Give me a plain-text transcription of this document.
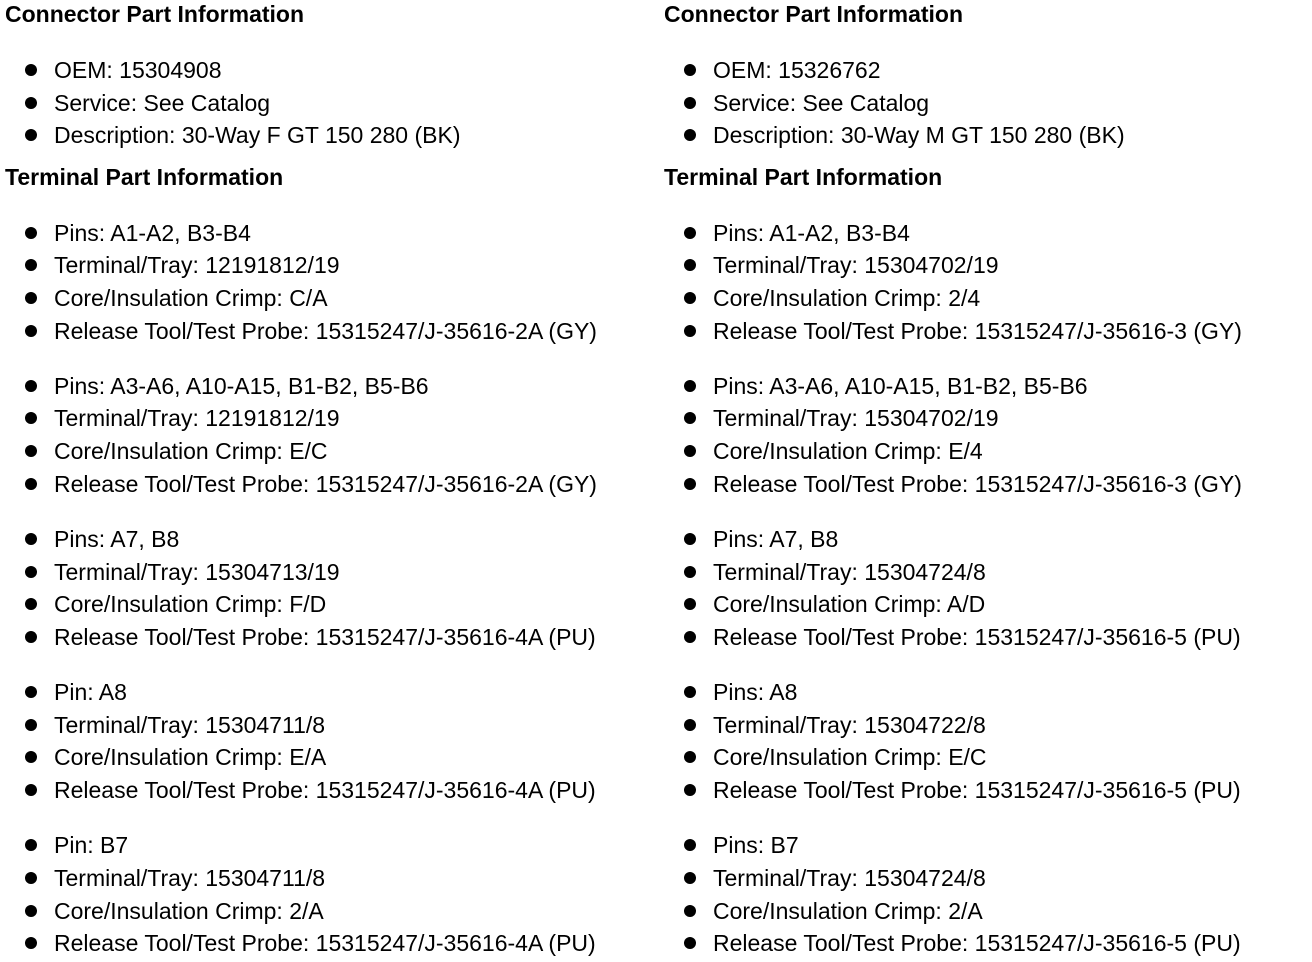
Connector Part Information
OEM: 15304908
Service: See Catalog
Description: 30-Way F GT 150 280 (BK)
Terminal Part Information
Pins: A1-A2, B3-B4
Terminal/Tray: 12191812/19
Core/Insulation Crimp: C/A
Release Tool/Test Probe: 15315247/J-35616-2A (GY)
Pins: A3-A6, A10-A15, B1-B2, B5-B6
Terminal/Tray: 12191812/19
Core/Insulation Crimp: E/C
Release Tool/Test Probe: 15315247/J-35616-2A (GY)
Pins: A7, B8
Terminal/Tray: 15304713/19
Core/Insulation Crimp: F/D
Release Tool/Test Probe: 15315247/J-35616-4A (PU)
Pin: A8
Terminal/Tray: 15304711/8
Core/Insulation Crimp: E/A
Release Tool/Test Probe: 15315247/J-35616-4A (PU)
Pin: B7
Terminal/Tray: 15304711/8
Core/Insulation Crimp: 2/A
Release Tool/Test Probe: 15315247/J-35616-4A (PU)
Connector Part Information
OEM: 15326762
Service: See Catalog
Description: 30-Way M GT 150 280 (BK)
Terminal Part Information
Pins: A1-A2, B3-B4
Terminal/Tray: 15304702/19
Core/Insulation Crimp: 2/4
Release Tool/Test Probe: 15315247/J-35616-3 (GY)
Pins: A3-A6, A10-A15, B1-B2, B5-B6
Terminal/Tray: 15304702/19
Core/Insulation Crimp: E/4
Release Tool/Test Probe: 15315247/J-35616-3 (GY)
Pins: A7, B8
Terminal/Tray: 15304724/8
Core/Insulation Crimp: A/D
Release Tool/Test Probe: 15315247/J-35616-5 (PU)
Pins: A8
Terminal/Tray: 15304722/8
Core/Insulation Crimp: E/C
Release Tool/Test Probe: 15315247/J-35616-5 (PU)
Pins: B7
Terminal/Tray: 15304724/8
Core/Insulation Crimp: 2/A
Release Tool/Test Probe: 15315247/J-35616-5 (PU)
